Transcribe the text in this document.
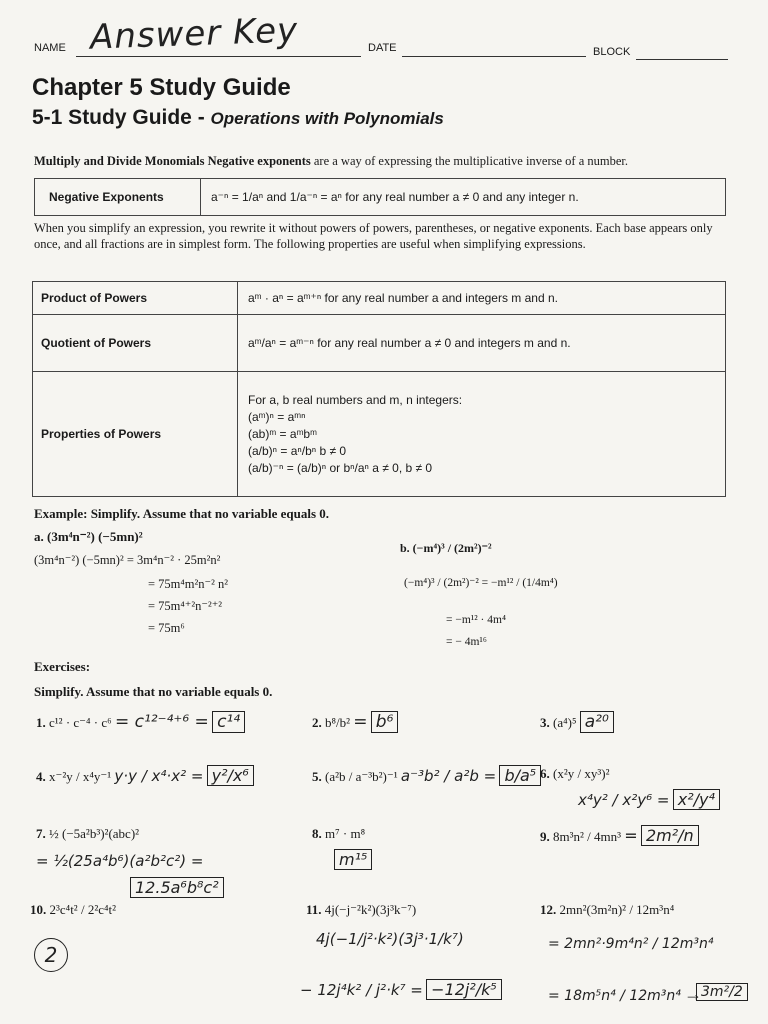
NAME Answer Key	DATE	BLOCK
Chapter 5 Study Guide
5-1 Study Guide - Operations with Polynomials
Multiply and Divide Monomials Negative exponents are a way of expressing the multiplicative inverse of a number.
Negative Exponents	a⁻ⁿ = 1/aⁿ and 1/a⁻ⁿ = aⁿ for any real number a ≠ 0 and any integer n.
When you simplify an expression, you rewrite it without powers of powers, parentheses, or negative exponents. Each base appears only once, and all fractions are in simplest form. The following properties are useful when simplifying expressions.
Product of Powers	aᵐ · aⁿ = aᵐ⁺ⁿ for any real number a and integers m and n.
Quotient of Powers	aᵐ/aⁿ = aᵐ⁻ⁿ for any real number a ≠ 0 and integers m and n.
Properties of Powers	For a, b real numbers and m, n integers:
(aᵐ)ⁿ = aᵐⁿ
(ab)ᵐ = aᵐbᵐ
(a/b)ⁿ = aⁿ/bⁿ b ≠ 0
(a/b)⁻ⁿ = (a/b)ⁿ or bⁿ/aⁿ a ≠ 0, b ≠ 0
Example: Simplify. Assume that no variable equals 0.
a. (3m⁴n⁻²) (−5mn)²
(3m⁴n⁻²) (−5mn)² = 3m⁴n⁻² · 25m²n²
= 75m⁴m²n⁻² n²
= 75m⁴⁺²n⁻²⁺²
= 75m⁶
b. (−m⁴)³ / (2m²)⁻²
(−m⁴)³ / (2m²)⁻² = −m¹² / (1/4m⁴)
= −m¹² · 4m⁴
= − 4m¹⁶
Exercises:
Simplify. Assume that no variable equals 0.
1. c¹² · c⁻⁴ · c⁶ = c¹²⁻⁴⁺⁶ = c¹⁴	2. b⁸/b² = b⁶	3. (a⁴)⁵ a²⁰
4. x⁻²y / x⁴y⁻¹ y·y / x⁴·x² = y²/x⁶	5. (a²b / a⁻³b²)⁻¹ a⁻³b² / a²b = b/a⁵ 6. (x²y / xy³)²
x⁴y² / x²y⁶ = x²/y⁴
7. ½ (−5a²b³)²(abc)²
= ½(25a⁴b⁶)(a²b²c²) =
12.5a⁶b⁸c²
8. m⁷ · m⁸
m¹⁵
9. 8m³n² / 4mn³ = 2m²/n
10. 2³c⁴t² / 2²c⁴t²	11. 4j(−j⁻²k²)(3j³k⁻⁷)
4j(−1/j²·k²)(3j³·1/k⁷)
− 12j⁴k² / j²·k⁷ = −12j²/k⁵
12. 2mn²(3m²n)² / 12m³n⁴
= 2mn²·9m⁴n² / 12m³n⁴
= 18m⁵n⁴ / 12m³n⁴ →
3m²/2
2
